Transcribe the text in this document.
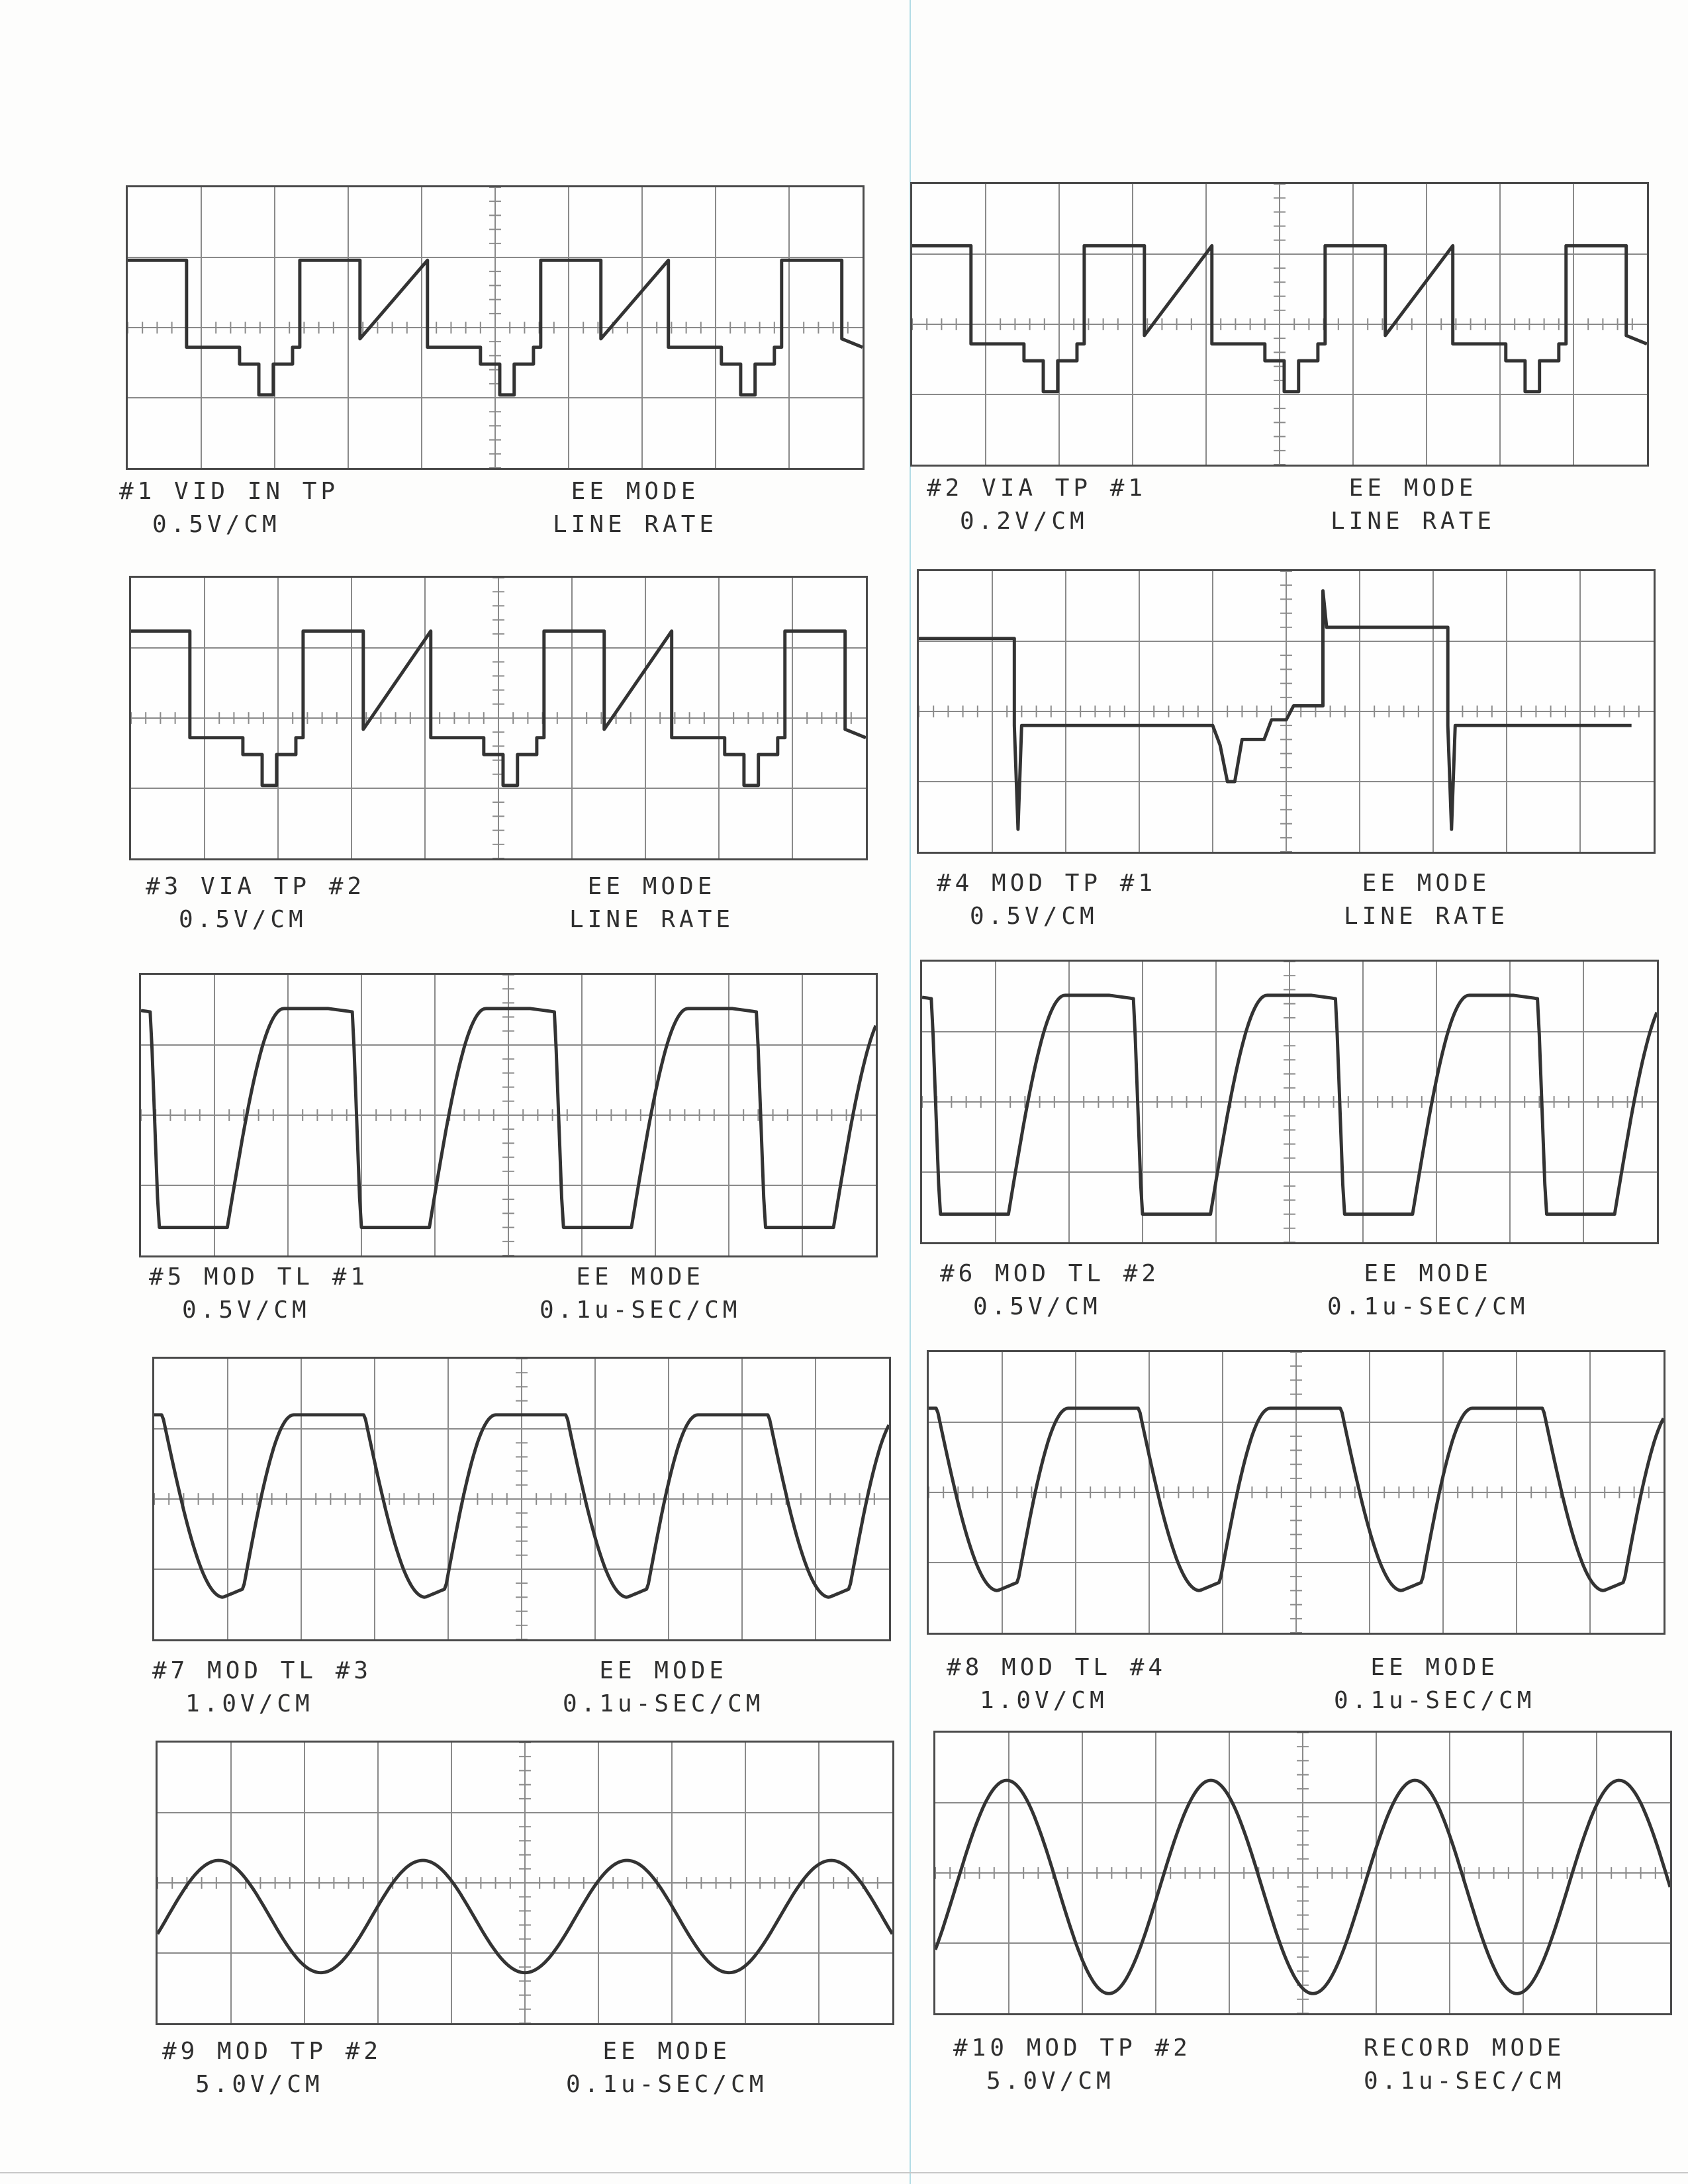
#1 VID IN TP
0.5V/CM
EE MODE
LINE RATE
#2 VIA TP #1
0.2V/CM
EE MODE
LINE RATE
#3 VIA TP #2
0.5V/CM
EE MODE
LINE RATE
#4 MOD TP #1
0.5V/CM
EE MODE
LINE RATE
#5 MOD TL #1
0.5V/CM
EE MODE
0.1u-SEC/CM
#6 MOD TL #2
0.5V/CM
EE MODE
0.1u-SEC/CM
#7 MOD TL #3
1.0V/CM
EE MODE
0.1u-SEC/CM
#8 MOD TL #4
1.0V/CM
EE MODE
0.1u-SEC/CM
#9 MOD TP #2
5.0V/CM
EE MODE
0.1u-SEC/CM
#10 MOD TP #2
5.0V/CM
RECORD MODE
0.1u-SEC/CM
